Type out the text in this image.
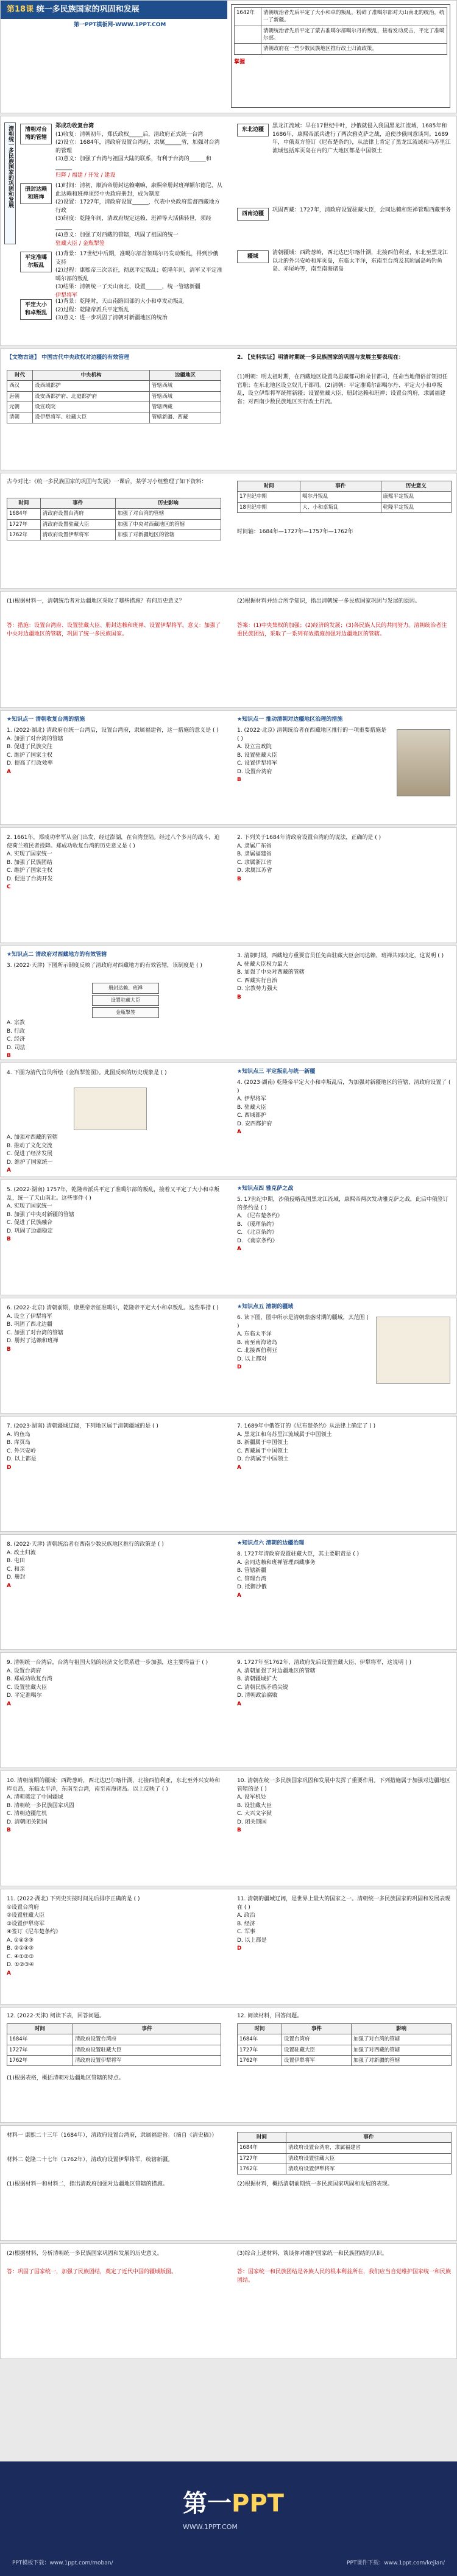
第18课 统一多民族国家的巩固和发展
第一PPT模板网-WWW.1PPT.COM
1642年	清朝统治者先后平定了大小和卓的叛乱，粉碎了准噶尔部对天山南北的统治，统一了新疆。
	清朝统治者先后平定了蒙古准噶尔部噶尔丹的叛乱，接着发动反击，平定了准噶尔部。
	清朝政府在一些少数民族地区推行改土归流政策。
掌握
清朝统一多民族国家的巩固和发展	清朝对台湾的管辖
郑成功收复台湾
(1)收复：清朝初年，郑氏政权_____后，清政府正式统一台湾
(2)设立：1684年，清政府设置台湾府，隶属______省，加强对台湾的管理
(3)意义：加强了台湾与祖国大陆的联系，有利于台湾的______和______
归降 / 福建 / 开发 / 建设
册封达赖和班禅
(1)时间：清初，顺治帝册封达赖喇嘛，康熙帝册封班禅额尔德尼，从此达赖和班禅须经中央政府册封，成为制度
(2)设置：1727年，清政府设置______，代表中央政府监督西藏地方行政
(3)制度：乾隆年间，清政府规定达赖、班禅等大活佛转世，须经______
(4)意义：加强了对西藏的管辖，巩固了祖国的统一
驻藏大臣 / 金瓶掣签
平定准噶尔叛乱
(1)背景：17世纪中后期，准噶尔部首领噶尔丹发动叛乱，得到沙俄支持
(2)过程：康熙帝三次亲征，彻底平定叛乱；乾隆年间，清军又平定准噶尔部的叛乱
(3)结果：清朝统一了天山南北，设置______，统一管辖新疆
伊犁将军
平定大小和卓叛乱
(1)背景：乾隆时，天山南路回部的大小和卓发动叛乱
(2)过程：乾隆帝派兵平定叛乱
(3)意义：进一步巩固了清朝对新疆地区的统治
东北边疆
黑龙江流域：早在17世纪中叶，沙俄就侵入我国黑龙江流域，1685年和1686年，康熙帝派兵进行了两次雅克萨之战，迫使沙俄同意谈判。1689年，中俄双方签订《尼布楚条约》，从法律上肯定了黑龙江流域和乌苏里江流域包括库页岛在内的广大地区都是中国领土
西南边疆
巩固西藏：1727年，清政府设置驻藏大臣，会同达赖和班禅管理西藏事务
疆域
清朝疆域：西跨葱岭，西北达巴尔喀什湖，北接西伯利亚，东北至黑龙江以北的外兴安岭和库页岛，东临太平洋，东南至台湾及其附属岛屿钓鱼岛、赤尾屿等，南至南海诸岛
【文物古迹】 中国古代中央政权对边疆的有效管理
时代	中央机构	边疆地区
西汉	设西域都护	管辖西域
唐朝	设安西都护府、北庭都护府	管辖西域
元朝	设宣政院	管辖西藏
清朝	设伊犁将军、驻藏大臣	管辖新疆、西藏
2. 【史料实证】明清时期统一多民族国家的巩固与发展主要表现在：
(1)明朝：明太祖时期，在西藏地区设置乌思藏都司和朵甘都司，任命当地僧俗首领担任官职；在东北地区设立奴儿干都司。(2)清朝：平定准噶尔部噶尔丹、平定大小和卓叛乱，设立伊犁将军统辖新疆；设置驻藏大臣，册封达赖和班禅；设置台湾府，隶属福建省；对西南少数民族地区实行改土归流。
古今对比：《统一多民族国家的巩固与发展》一课后，某学习小组整理了如下资料：
时间	事件	历史影响
1684年	清政府设置台湾府	加强了对台湾的管辖
1727年	清政府设置驻藏大臣	加强了中央对西藏地区的管辖
1762年	清政府设置伊犁将军	加强了对新疆地区的管辖
时间	事件	历史意义
17世纪中期	噶尔丹叛乱	康熙平定叛乱
18世纪中期	大、小和卓叛乱	乾隆平定叛乱
时间轴：1684年—1727年—1757年—1762年
(1)根据材料一，清朝统治者对边疆地区采取了哪些措施？有何历史意义？
答：措施：设置台湾府、设置驻藏大臣、册封达赖和班禅、设置伊犁将军。意义：加强了中央对边疆地区的管辖，巩固了统一多民族国家。
(2)根据材料并结合所学知识，指出清朝统一多民族国家巩固与发展的原因。
答案：(1)中央集权的加强；(2)经济的发展；(3)各民族人民的共同努力。清朝统治者注重民族团结，采取了一系列有效措施加强对边疆地区的管辖。
★知识点一 清朝收复台湾的措施
1. (2022·湖北) 清政府在统一台湾后，设置台湾府，隶属福建省，这一措施的意义是 ( )
A. 加强了对台湾的管辖
B. 促进了民族交往
C. 维护了国家主权
D. 提高了行政效率
A
★知识点一 推动清朝对边疆地区治理的措施
1. (2022·北京) 清朝统治者在西藏地区推行的一项重要措施是 ( )
A. 设立宣政院
B. 设置驻藏大臣
C. 设置伊犁将军
D. 设置台湾府
B
2. 1661年，郑成功率军从金门出发，经过澎湖，在台湾登陆。经过八个多月的战斗，迫使荷兰殖民者投降。郑成功收复台湾的历史意义是 ( )
A. 实现了国家统一
B. 加强了民族团结
C. 维护了国家主权
D. 促进了台湾开发
C
2. 下列关于1684年清政府设置台湾府的说法，正确的是 ( )
A. 隶属广东省
B. 隶属福建省
C. 隶属浙江省
D. 隶属江苏省
B
★知识点二 清政府对西藏地方的有效管辖
3. (2022·天津) 下图所示制度反映了清政府对西藏地方的有效管辖，该制度是 ( )
册封达赖、班禅
设置驻藏大臣
金瓶掣签
A. 宗教
B. 行政
C. 经济
D. 司法
B
3. 清朝时期，西藏地方重要官员任免由驻藏大臣会同达赖、班禅共同决定，这说明 ( )
A. 驻藏大臣权力最大
B. 加强了中央对西藏的管辖
C. 西藏实行自治
D. 宗教势力强大
B
4. 下图为清代官员所绘《金瓶掣签图》。此图反映的历史现象是 ( )
A. 加强对西藏的管辖
B. 推动了文化交流
C. 促进了经济发展
D. 维护了国家统一
A
★知识点三 平定叛乱与统一新疆
4. (2023·湖南) 乾隆帝平定大小和卓叛乱后，为加强对新疆地区的管辖，清政府设置了 ( )
A. 伊犁将军
B. 驻藏大臣
C. 西域都护
D. 安西都护府
A
5. (2022·湖南) 1757年，乾隆帝派兵平定了准噶尔部的叛乱，接着又平定了大小和卓叛乱，统一了天山南北。这些事件 ( )
A. 实现了国家统一
B. 加强了中央对新疆的管辖
C. 促进了民族融合
D. 巩固了边疆稳定
B
★知识点四 雅克萨之战
5. 17世纪中期，沙俄侵略我国黑龙江流域，康熙帝两次发动雅克萨之战，此后中俄签订的条约是 ( )
A. 《尼布楚条约》
B. 《瑷珲条约》
C. 《北京条约》
D. 《南京条约》
A
6. (2022·北京) 清朝前期，康熙帝亲征准噶尔，乾隆帝平定大小和卓叛乱。这些举措 ( )
A. 设立了伊犁将军
B. 巩固了西北边疆
C. 加强了对台湾的管辖
D. 册封了达赖和班禅
B
★知识点五 清朝的疆域
6. 读下图，图中所示是清朝鼎盛时期的疆域，其范围 ( )
A. 东临太平洋
B. 南至南海诸岛
C. 北接西伯利亚
D. 以上都对
D
7. (2023·湖南) 清朝疆域辽阔，下列地区属于清朝疆域的是 ( )
A. 钓鱼岛
B. 库页岛
C. 外兴安岭
D. 以上都是
D
7. 1689年中俄签订的《尼布楚条约》从法律上确定了 ( )
A. 黑龙江和乌苏里江流域属于中国领土
B. 新疆属于中国领土
C. 西藏属于中国领土
D. 台湾属于中国领土
A
8. (2022·天津) 清朝统治者在西南少数民族地区推行的政策是 ( )
A. 改土归流
B. 屯田
C. 和亲
D. 册封
A
★知识点六 清朝的边疆治理
8. 1727年清政府设置驻藏大臣，其主要职责是 ( )
A. 会同达赖和班禅管理西藏事务
B. 管辖新疆
C. 管理台湾
D. 抵御沙俄
A
9. 清朝统一台湾后，台湾与祖国大陆的经济文化联系进一步加强，这主要得益于 ( )
A. 设置台湾府
B. 郑成功收复台湾
C. 设置驻藏大臣
D. 平定准噶尔
A
9. 1727年至1762年，清政府先后设置驻藏大臣、伊犁将军，这说明 ( )
A. 清朝加强了对边疆地区的管辖
B. 清朝疆域扩大
C. 清朝民族矛盾尖锐
D. 清朝政治腐败
A
10. 清朝前期的疆域：西跨葱岭，西北达巴尔喀什湖，北接西伯利亚，东北至外兴安岭和库页岛，东临太平洋，东南至台湾，南至南海诸岛。以上反映了 ( )
A. 清朝奠定了中国疆域
B. 清朝统一多民族国家巩固
C. 清朝边疆危机
D. 清朝闭关锁国
B
10. 清朝在统一多民族国家巩固和发展中发挥了重要作用。下列措施属于加强对边疆地区管辖的是 ( )
A. 设军机处
B. 设驻藏大臣
C. 大兴文字狱
D. 闭关锁国
B
11. (2022·湖北) 下列史实按时间先后排序正确的是 ( )
①设置台湾府
②设置驻藏大臣
③设置伊犁将军
④签订《尼布楚条约》
A. ①④②③
B. ②①④③
C. ④①②③
D. ①②③④
A
11. 清朝的疆域辽阔，是世界上最大的国家之一。清朝统一多民族国家的巩固和发展表现在 ( )
A. 政治
B. 经济
C. 军事
D. 以上都是
D
12. (2022·天津) 阅读下表，回答问题。
时间	事件
1684年	清政府设置台湾府
1727年	清政府设置驻藏大臣
1762年	清政府设置伊犁将军
(1)根据表格，概括清朝对边疆地区管辖的特点。
12. 阅读材料，回答问题。
时间	事件	影响
1684年	设置台湾府	加强了对台湾的管辖
1727年	设置驻藏大臣	加强了对西藏的管辖
1762年	设置伊犁将军	加强了对新疆的管辖
材料一 康熙二十三年（1684年），清政府设置台湾府，隶属福建省。（摘自《清史稿》）
材料二 乾隆二十七年（1762年），清政府设置伊犁将军，统辖新疆。
(1)根据材料一和材料二，指出清政府加强对边疆地区管辖的措施。
时间	事件
1684年	清政府设置台湾府，隶属福建省
1727年	清政府设置驻藏大臣
1762年	清政府设置伊犁将军
(2)根据材料，概括清朝前期统一多民族国家巩固和发展的表现。
(2)根据材料，分析清朝统一多民族国家巩固和发展的历史意义。
答：巩固了国家统一，加强了民族团结，奠定了近代中国的疆域版图。
(3)综合上述材料，谈谈你对维护国家统一和民族团结的认识。
答：国家统一和民族团结是各族人民的根本利益所在，我们应当自觉维护国家统一和民族团结。
第一PPT
WWW.1PPT.COM
PPT模板下载：www.1ppt.com/moban/	PPT课件下载：www.1ppt.com/kejian/
